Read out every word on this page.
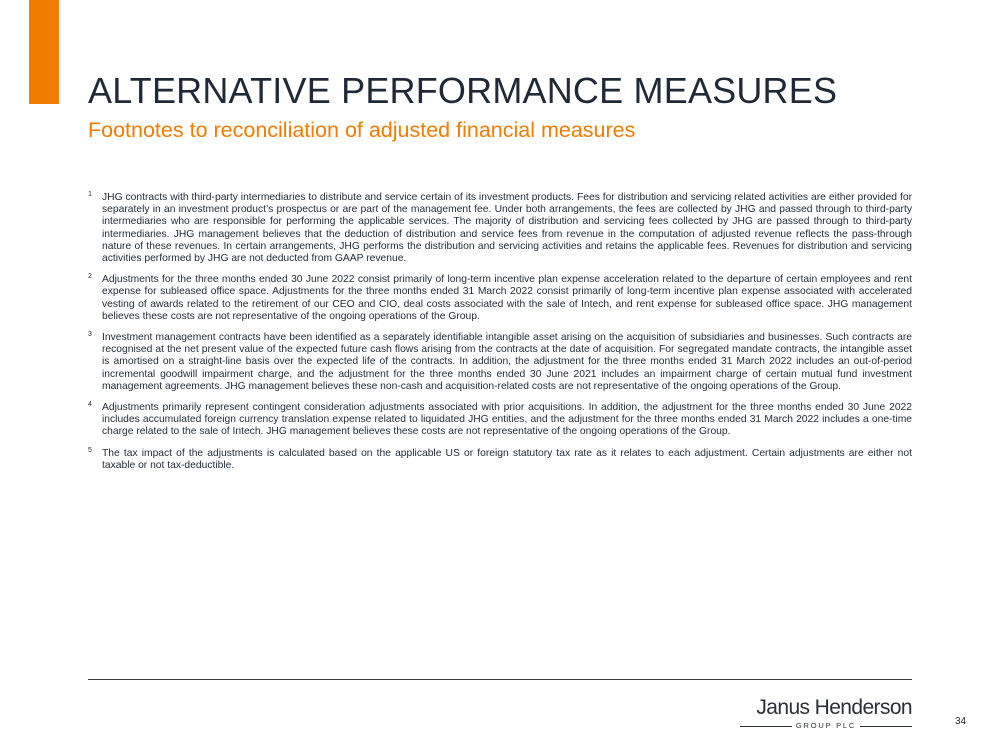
ALTERNATIVE PERFORMANCE MEASURES
Footnotes to reconciliation of adjusted financial measures
1 JHG contracts with third-party intermediaries to distribute and service certain of its investment products. Fees for distribution and servicing related activities are either provided for separately in an investment product’s prospectus or are part of the management fee. Under both arrangements, the fees are collected by JHG and passed through to third-party intermediaries who are responsible for performing the applicable services. The majority of distribution and servicing fees collected by JHG are passed through to third-party intermediaries. JHG management believes that the deduction of distribution and service fees from revenue in the computation of adjusted revenue reflects the pass-through nature of these revenues. In certain arrangements, JHG performs the distribution and servicing activities and retains the applicable fees. Revenues for distribution and servicing activities performed by JHG are not deducted from GAAP revenue.
2 Adjustments for the three months ended 30 June 2022 consist primarily of long-term incentive plan expense acceleration related to the departure of certain employees and rent expense for subleased office space. Adjustments for the three months ended 31 March 2022 consist primarily of long-term incentive plan expense associated with accelerated vesting of awards related to the retirement of our CEO and CIO, deal costs associated with the sale of Intech, and rent expense for subleased office space. JHG management believes these costs are not representative of the ongoing operations of the Group.
3 Investment management contracts have been identified as a separately identifiable intangible asset arising on the acquisition of subsidiaries and businesses. Such contracts are recognised at the net present value of the expected future cash flows arising from the contracts at the date of acquisition. For segregated mandate contracts, the intangible asset is amortised on a straight-line basis over the expected life of the contracts. In addition, the adjustment for the three months ended 31 March 2022 includes an out-of-period incremental goodwill impairment charge, and the adjustment for the three months ended 30 June 2021 includes an impairment charge of certain mutual fund investment management agreements. JHG management believes these non-cash and acquisition-related costs are not representative of the ongoing operations of the Group.
4 Adjustments primarily represent contingent consideration adjustments associated with prior acquisitions. In addition, the adjustment for the three months ended 30 June 2022 includes accumulated foreign currency translation expense related to liquidated JHG entities, and the adjustment for the three months ended 31 March 2022 includes a one-time charge related to the sale of Intech. JHG management believes these costs are not representative of the ongoing operations of the Group.
5 The tax impact of the adjustments is calculated based on the applicable US or foreign statutory tax rate as it relates to each adjustment. Certain adjustments are either not taxable or not tax-deductible.
Janus Henderson
GROUP PLC	34
